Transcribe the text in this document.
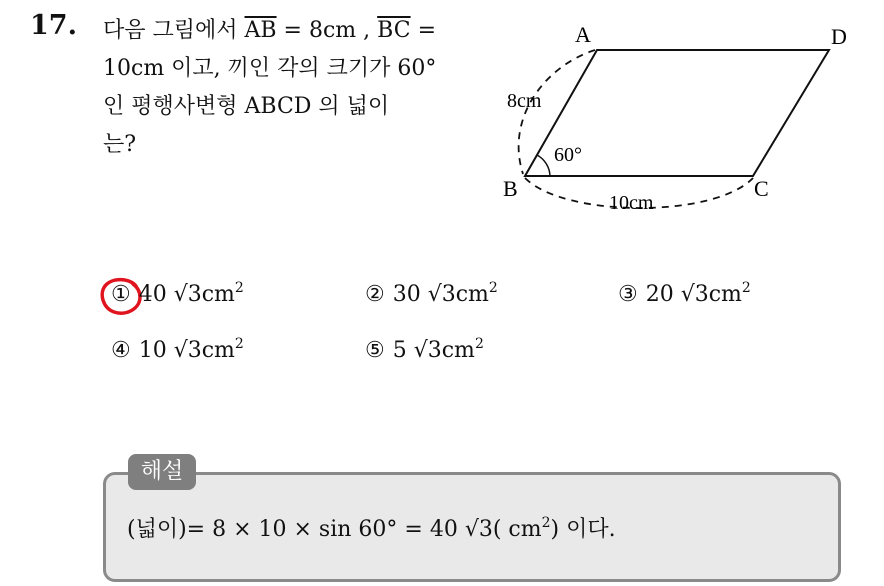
17. 다음 그림에서 $\overline{AB} = 8cm$ , $\overline{BC}$ =
10cm 이고, 끼인 각의 크기가 60°
인 평행사변형 ABCD 의 넓이
는?
A	D
B	C
8cm
10cm
60°
① 40 $√3cm^2$	② 30 $√3cm^2$	③ 20 $√3cm^2$
④ 10 $√3cm^2$	⑤ 5 $√3cm^2$
해설
(넓이)= 8 × 10 × sin 60° = 40 √3( $cm^2$) 이다.
